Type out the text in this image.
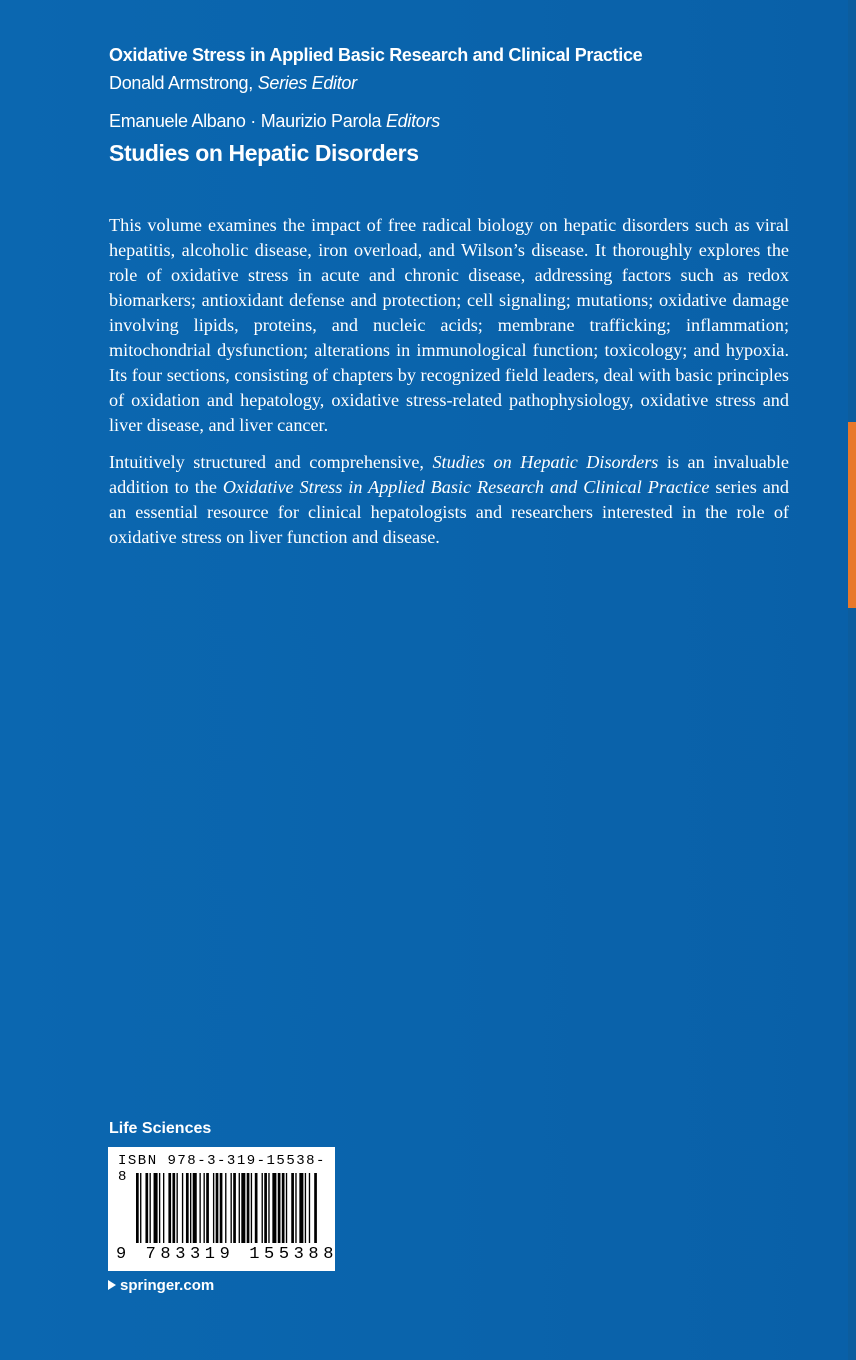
Oxidative Stress in Applied Basic Research and Clinical Practice
Donald Armstrong, Series Editor
Emanuele Albano · Maurizio Parola Editors
Studies on Hepatic Disorders

This volume examines the impact of free radical biology on hepatic disorders such as viral hepatitis, alcoholic disease, iron overload, and Wilson’s disease. It thoroughly explores the role of oxidative stress in acute and chronic disease, addressing factors such as redox biomarkers; antioxidant defense and protection; cell signaling; mutations; oxidative damage involving lipids, proteins, and nucleic acids; membrane trafficking; inflammation; mitochondrial dysfunction; alterations in immunological function; toxicology; and hypoxia. Its four sections, consisting of chapters by recognized field leaders, deal with basic principles of oxidation and hepatology, oxidative stress-related pathophysiology, oxidative stress and liver disease, and liver cancer.

Intuitively structured and comprehensive, Studies on Hepatic Disorders is an invaluable addition to the Oxidative Stress in Applied Basic Research and Clinical Practice series and an essential resource for clinical hepatologists and researchers interested in the role of oxidative stress on liver function and disease.

Life Sciences
ISBN 978-3-319-15538-8
9 783319 155388
springer.com
